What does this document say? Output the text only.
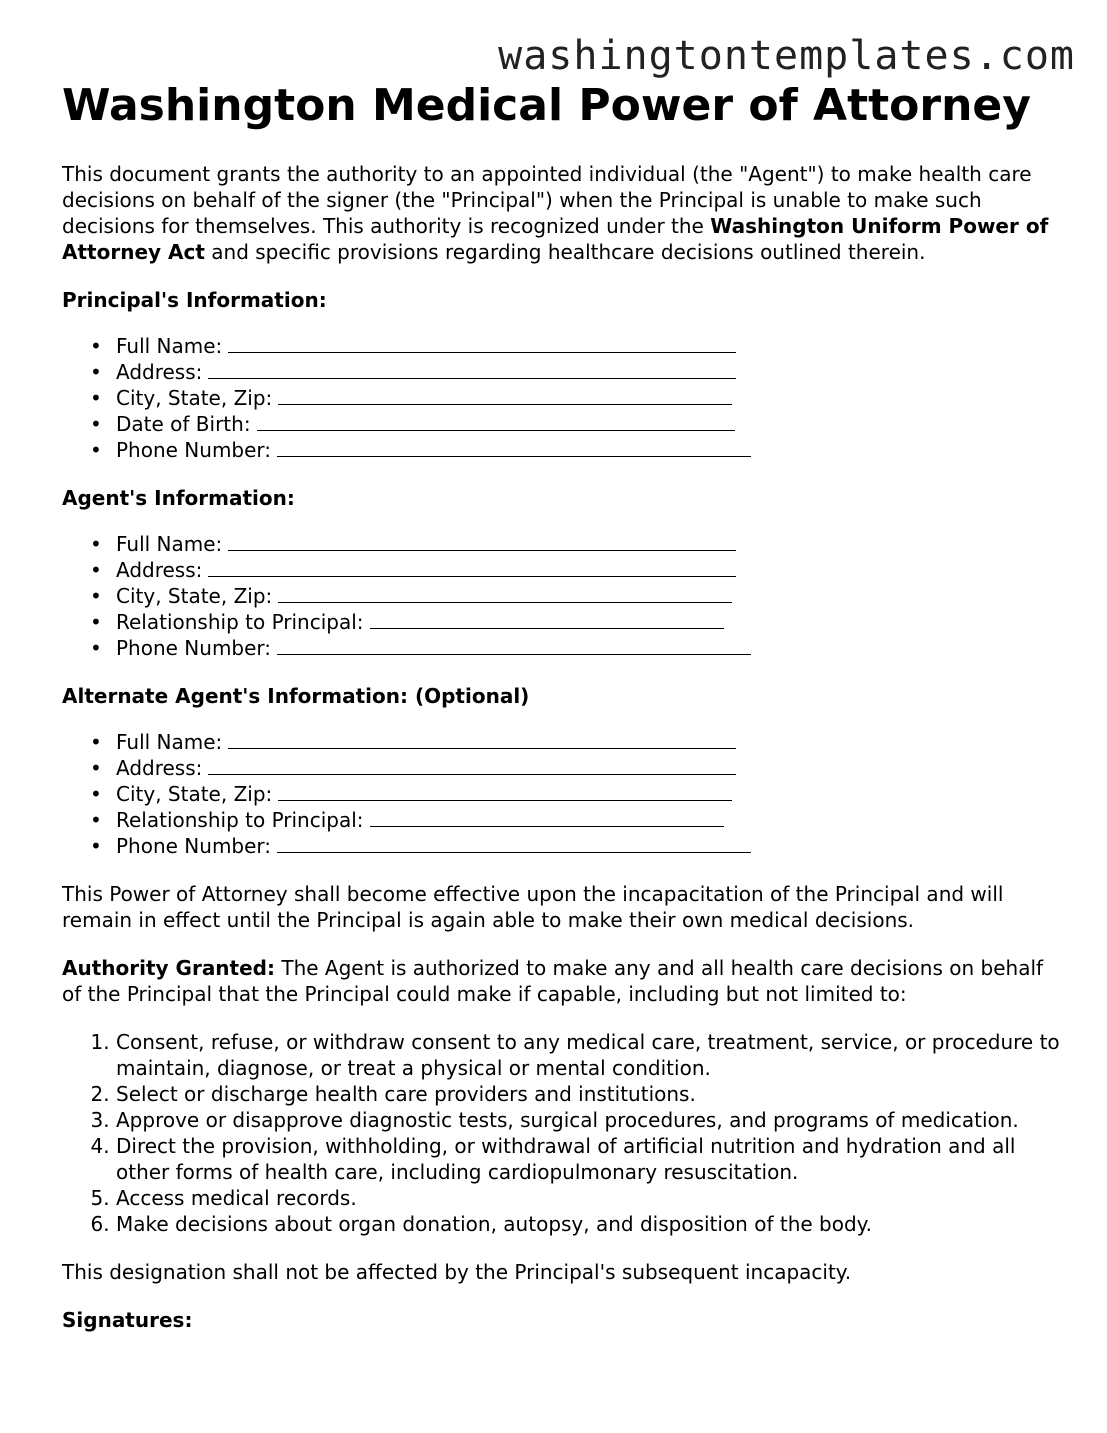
washingtontemplates.com
Washington Medical Power of Attorney

This document grants the authority to an appointed individual (the "Agent") to make health care decisions on behalf of the signer (the "Principal") when the Principal is unable to make such decisions for themselves. This authority is recognized under the Washington Uniform Power of Attorney Act and specific provisions regarding healthcare decisions outlined therein.

Principal's Information:
• Full Name:
• Address:
• City, State, Zip:
• Date of Birth:
• Phone Number:
Agent's Information:
• Full Name:
• Address:
• City, State, Zip:
• Relationship to Principal:
• Phone Number:
Alternate Agent's Information: (Optional)
• Full Name:
• Address:
• City, State, Zip:
• Relationship to Principal:
• Phone Number:

This Power of Attorney shall become effective upon the incapacitation of the Principal and will remain in effect until the Principal is again able to make their own medical decisions.

Authority Granted: The Agent is authorized to make any and all health care decisions on behalf of the Principal that the Principal could make if capable, including but not limited to:

1. Consent, refuse, or withdraw consent to any medical care, treatment, service, or procedure to maintain, diagnose, or treat a physical or mental condition.
2. Select or discharge health care providers and institutions.
3. Approve or disapprove diagnostic tests, surgical procedures, and programs of medication.
4. Direct the provision, withholding, or withdrawal of artificial nutrition and hydration and all other forms of health care, including cardiopulmonary resuscitation.
5. Access medical records.
6. Make decisions about organ donation, autopsy, and disposition of the body.

This designation shall not be affected by the Principal's subsequent incapacity.

Signatures:
